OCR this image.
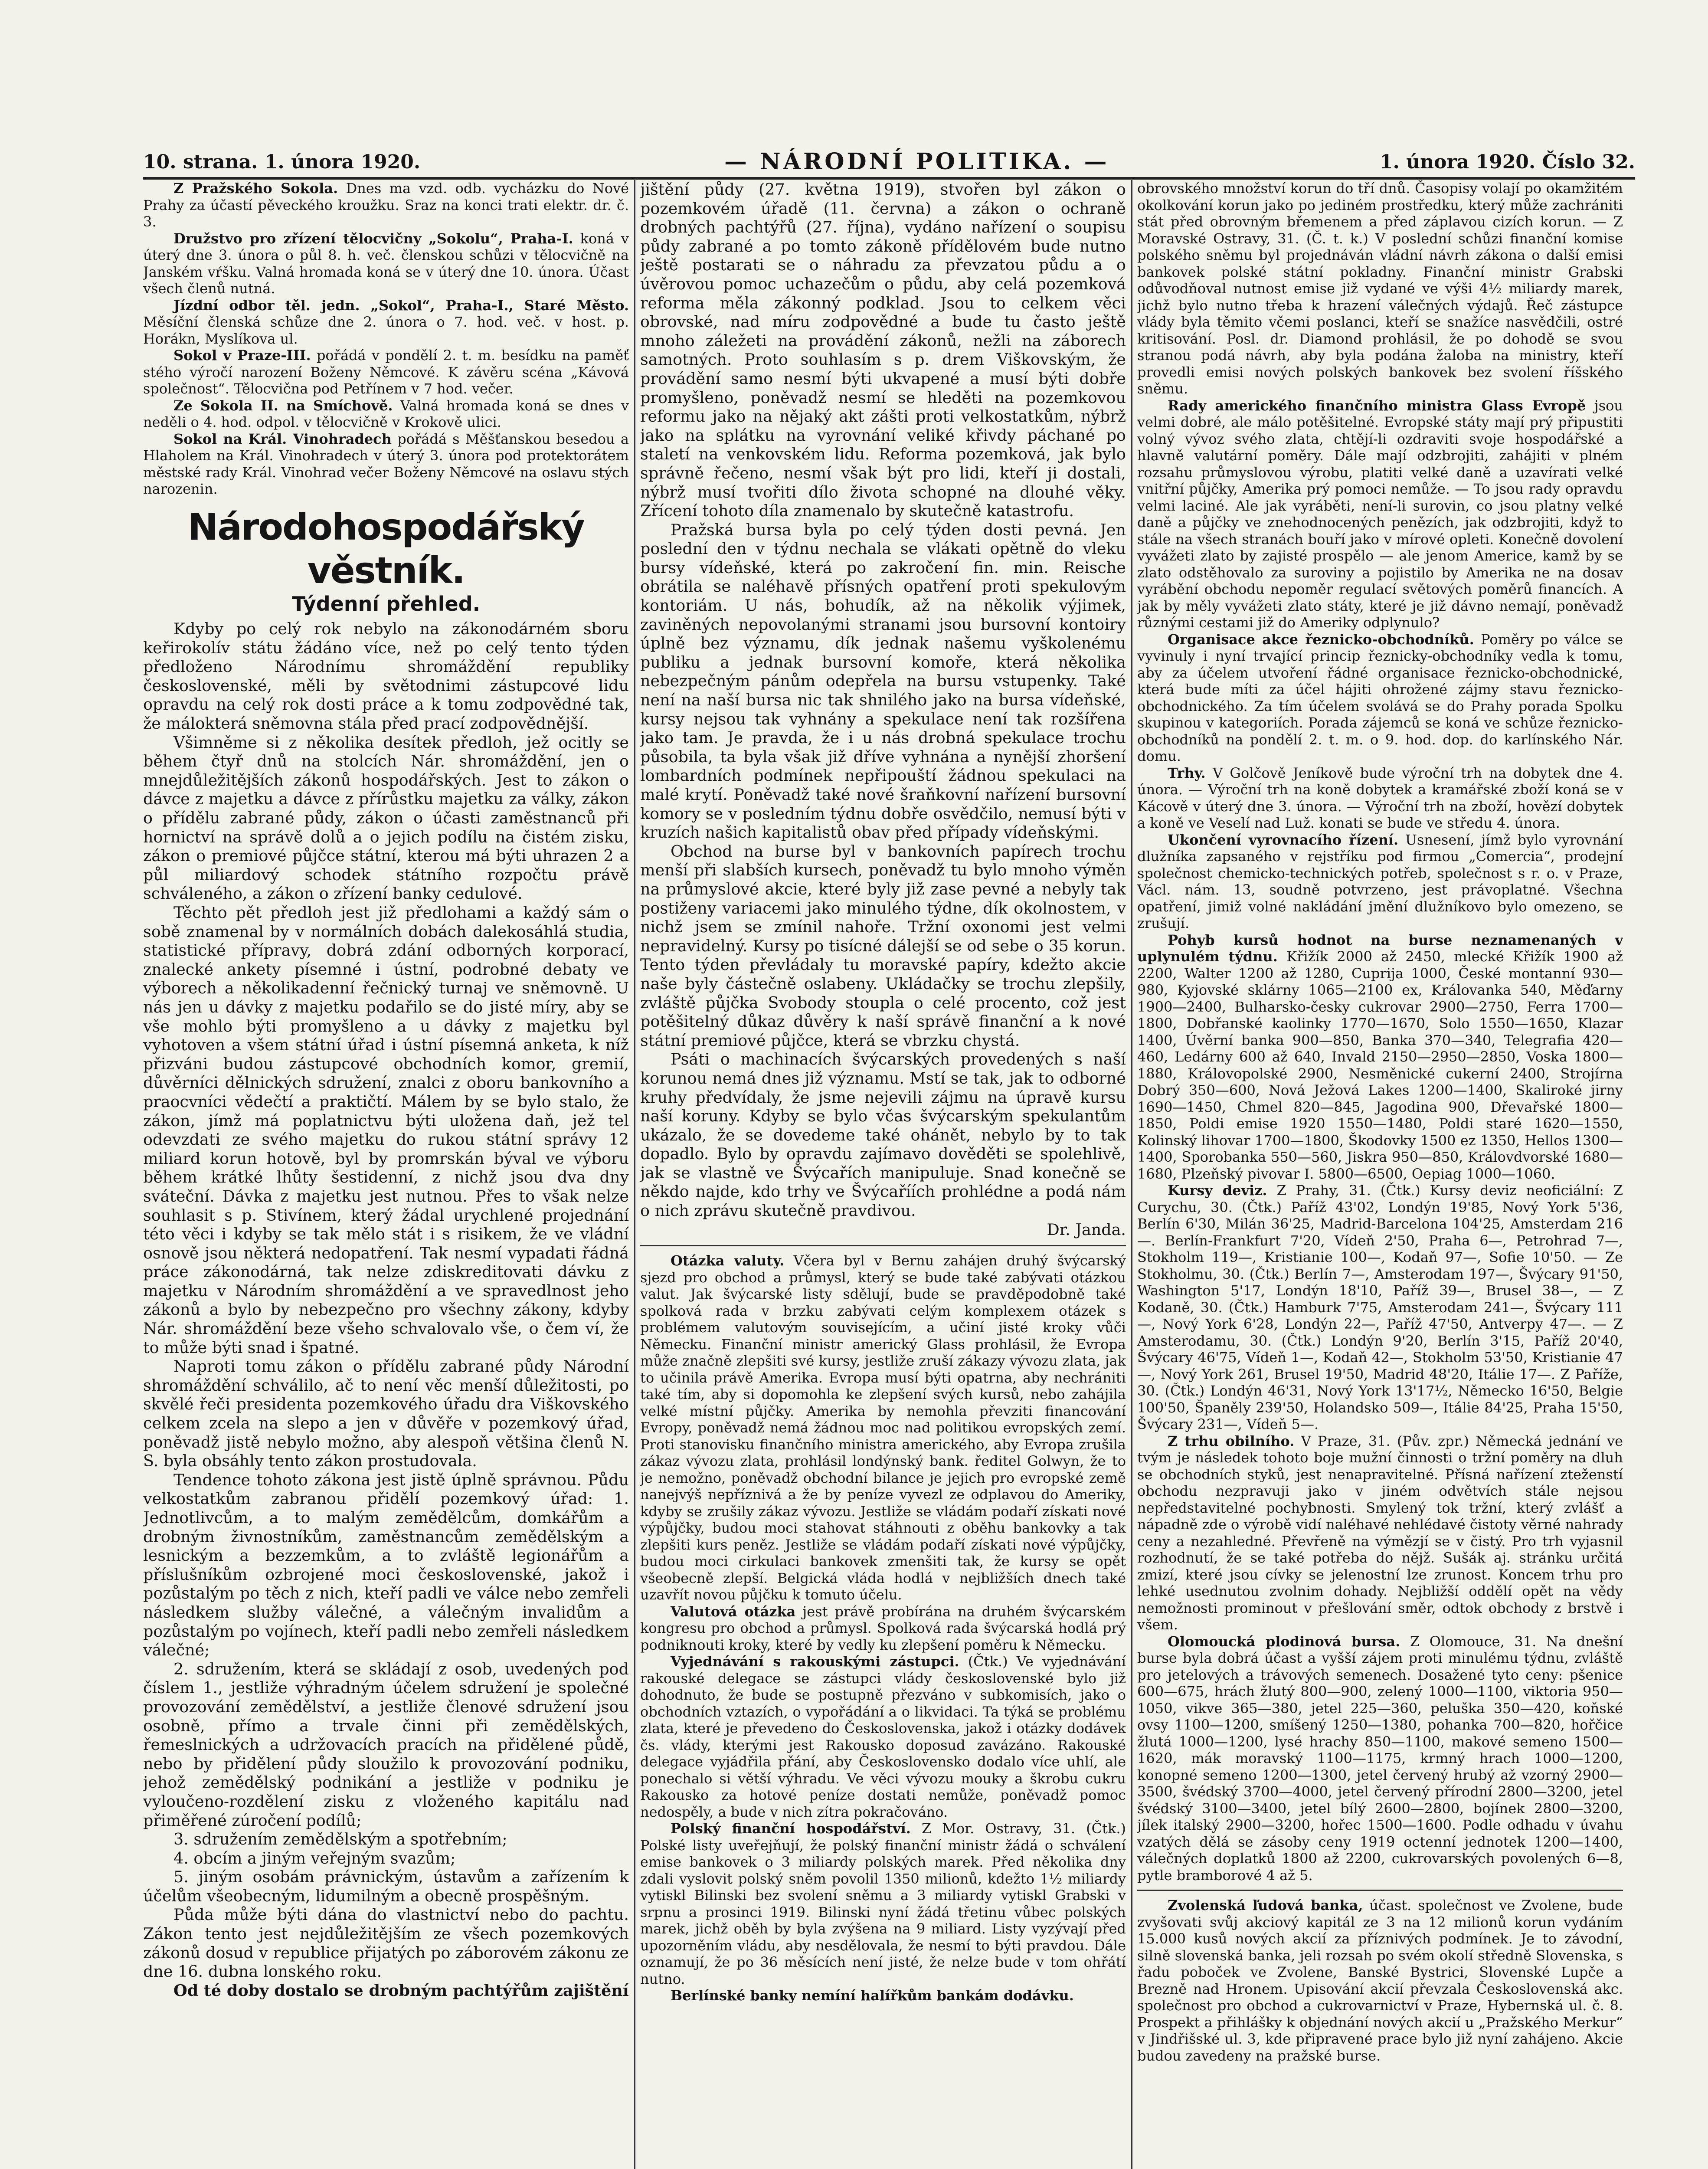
10. strana. 1. února 1920.	— NÁRODNÍ POLITIKA. —	1. února 1920. Číslo 32.

Z Pražského Sokola. Dnes ma vzd. odb. vycházku do Nové Prahy za účastí pěveckého kroužku. Sraz na konci trati elektr. dr. č. 3.

Družstvo pro zřízení tělocvičny „Sokolu“, Praha-I. koná v úterý dne 3. února o půl 8. h. več. členskou schůzi v tělocvičně na Janském vŕšku. Valná hromada koná se v úterý dne 10. února. Účast všech členů nutná.

Jízdní odbor těl. jedn. „Sokol“, Praha-I., Staré Město. Měsíční členská schůze dne 2. února o 7. hod. več. v host. p. Horákn, Myslíkova ul.

Sokol v Praze-III. pořádá v pondělí 2. t. m. besídku na paměť stého výročí narození Boženy Němcové. K závěru scéna „Kávová společnost“. Tělocvična pod Petřínem v 7 hod. večer.

Ze Sokola II. na Smíchově. Valná hromada koná se dnes v neděli o 4. hod. odpol. v tělocvičně v Krokově ulici.

Sokol na Král. Vinohradech pořádá s Měšťanskou besedou a Hlaholem na Král. Vinohradech v úterý 3. února pod protektorátem městské rady Král. Vinohrad večer Boženy Němcové na oslavu stých narozenin.

Národohospodářský věstník.
Týdenní přehled.

Kdyby po celý rok nebylo na zákonodárném sboru keřirokolív státu žádáno více, než po celý tento týden předloženo Národnímu shromáždění republiky československé, měli by světodnimi zástupcové lidu opravdu na celý rok dosti práce a k tomu zodpovědné tak, že málokterá sněmovna stála před prací zodpovědnější.

Všimněme si z několika desítek předloh, jež ocitly se během čtyř dnů na stolcích Nár. shromáždění, jen o mnejdůležitějších zákonů hospodářských. Jest to zákon o dávce z majetku a dávce z přírůstku majetku za války, zákon o přídělu zabrané půdy, zákon o účasti zaměstnanců při hornictví na správě dolů a o jejich podílu na čistém zisku, zákon o premiové půjčce státní, kterou má býti uhrazen 2 a půl miliardový schodek státního rozpočtu právě schváleného, a zákon o zřízení banky cedulové.

Těchto pět předloh jest již předlohami a každý sám o sobě znamenal by v normálních dobách dalekosáhlá studia, statistické přípravy, dobrá zdání odborných korporací, znalecké ankety písemné i ústní, podrobné debaty ve výborech a několikadenní řečnický turnaj ve sněmovně. U nás jen u dávky z majetku podařilo se do jisté míry, aby se vše mohlo býti promyšleno a u dávky z majetku byl vyhotoven a všem státní úřad i ústní písemná anketa, k níž přizváni budou zástupcové obchodních komor, gremií, důvěrníci dělnických sdružení, znalci z oboru bankovního a praocvníci vědečtí a praktičtí. Málem by se bylo stalo, že zákon, jímž má poplatnictvu býti uložena daň, jež tel odevzdati ze svého majetku do rukou státní správy 12 miliard korun hotově, byl by promrskán býval ve výboru během krátké lhůty šestidenní, z nichž jsou dva dny sváteční. Dávka z majetku jest nutnou. Přes to však nelze souhlasit s p. Stivínem, který žádal urychlené projednání této věci i kdyby se tak mělo stát i s risikem, že ve vládní osnově jsou některá nedopatření. Tak nesmí vypadati řádná práce zákonodárná, tak nelze zdiskreditovati dávku z majetku v Národním shromáždění a ve spravedlnost jeho zákonů a bylo by nebezpečno pro všechny zákony, kdyby Nár. shromáždění beze všeho schvalovalo vše, o čem ví, že to může býti snad i špatné.

Naproti tomu zákon o přídělu zabrané půdy Národní shromáždění schválilo, ač to není věc menší důležitosti, po skvělé řeči presidenta pozemkového úřadu dra Viškovského celkem zcela na slepo a jen v důvěře v pozemkový úřad, poněvadž jistě nebylo možno, aby alespoň většina členů N. S. byla obsáhly tento zákon prostudovala.

Tendence tohoto zákona jest jistě úplně správnou. Půdu velkostatkům zabranou přidělí pozemkový úřad: 1. Jednotlivcům, a to malým zemědělcům, domkářům a drobným živnostníkům, zaměstnancům zemědělským a lesnickým a bezzemkům, a to zvláště legionářům a příslušníkům ozbrojené moci československé, jakož i pozůstalým po těch z nich, kteří padli ve válce nebo zemřeli následkem služby válečné, a válečným invalidům a pozůstalým po vojínech, kteří padli nebo zemřeli následkem válečné;

2. sdružením, která se skládají z osob, uvedených pod číslem 1., jestliže výhradným účelem sdružení je společné provozování zemědělství, a jestliže členové sdružení jsou osobně, přímo a trvale činni při zemědělských, řemeslnických a udržovacích pracích na přidělené půdě, nebo by přidělení půdy sloužilo k provozování podniku, jehož zemědělský podnikání a jestliže v podniku je vyloučeno-rozdělení zisku z vloženého kapitálu nad přiměřené zúročení podílů;

3. sdružením zemědělským a spotřebním;

4. obcím a jiným veřejným svazům;

5. jiným osobám právnickým, ústavům a zařízením k účelům všeobecným, lidumilným a obecně prospěšným.

Půda může býti dána do vlastnictví nebo do pachtu. Zákon tento jest nejdůležitějším ze všech pozemkových zákonů dosud v republice přijatých po záborovém zákonu ze dne 16. dubna lonského roku.

Od té doby dostalo se drobným pachtýřům zajištění

jištění půdy (27. května 1919), stvořen byl zákon o pozemkovém úřadě (11. června) a zákon o ochraně drobných pachtýřů (27. října), vydáno nařízení o soupisu půdy zabrané a po tomto zákoně přídělovém bude nutno ještě postarati se o náhradu za převzatou půdu a o úvěrovou pomoc uchazečům o půdu, aby celá pozemková reforma měla zákonný podklad. Jsou to celkem věci obrovské, nad míru zodpovědné a bude tu často ještě mnoho záležeti na provádění zákonů, nežli na záborech samotných. Proto souhlasím s p. drem Viškovským, že provádění samo nesmí býti ukvapené a musí býti dobře promyšleno, poněvadž nesmí se hleděti na pozemkovou reformu jako na nějaký akt zášti proti velkostatkům, nýbrž jako na splátku na vyrovnání veliké křivdy páchané po staletí na venkovském lidu. Reforma pozemková, jak bylo správně řečeno, nesmí však být pro lidi, kteří ji dostali, nýbrž musí tvořiti dílo života schopné na dlouhé věky. Zřícení tohoto díla znamenalo by skutečně katastrofu.

Pražská bursa byla po celý týden dosti pevná. Jen poslední den v týdnu nechala se vlákati opětně do vleku bursy vídeňské, která po zakročení fin. min. Reische obrátila se naléhavě přísných opatření proti spekulovým kontoriám. U nás, bohudík, až na několik výjimek, zaviněných nepovolanými stranami jsou bursovní kontoiry úplně bez významu, dík jednak našemu vyškolenému publiku a jednak bursovní komoře, která několika nebezpečným pánům odepřela na bursu vstupenky. Také není na naší bursa nic tak shnilého jako na bursa vídeňské, kursy nejsou tak vyhnány a spekulace není tak rozšířena jako tam. Je pravda, že i u nás drobná spekulace trochu působila, ta byla však již dříve vyhnána a nynější zhoršení lombardních podmínek nepřipouští žádnou spekulaci na malé krytí. Poněvadž také nové šraňkovní nařízení bursovní komory se v posledním týdnu dobře osvědčilo, nemusí býti v kruzích našich kapitalistů obav před případy vídeňskými.

Obchod na burse byl v bankovních papírech trochu menší při slabších kursech, poněvadž tu bylo mnoho výměn na průmyslové akcie, které byly již zase pevné a nebyly tak postiženy variacemi jako minulého týdne, dík okolnostem, v nichž jsem se zmínil nahoře. Tržní oxonomi jest velmi nepravidelný. Kursy po tisícné dálejší se od sebe o 35 korun. Tento týden převládaly tu moravské papíry, kdežto akcie naše byly částečně oslabeny. Ukládačky se trochu zlepšily, zvláště půjčka Svobody stoupla o celé procento, což jest potěšitelný důkaz důvěry k naší správě finanční a k nové státní premiové půjčce, která se vbrzku chystá.

Psáti o machinacích švýcarských provedených s naší korunou nemá dnes již významu. Mstí se tak, jak to odborné kruhy předvídaly, že jsme nejevili zájmu na úpravě kursu naší koruny. Kdyby se bylo včas švýcarským spekulantům ukázalo, že se dovedeme také ohánět, nebylo by to tak dopadlo. Bylo by opravdu zajímavo dověděti se spolehlivě, jak se vlastně ve Švýcařích manipuluje. Snad konečně se někdo najde, kdo trhy ve Švýcaříích prohlédne a podá nám o nich zprávu skutečně pravdivou.

Dr. Janda.

Otázka valuty. Včera byl v Bernu zahájen druhý švýcarský sjezd pro obchod a průmysl, který se bude také zabývati otázkou valut. Jak švýcarské listy sdělují, bude se pravděpodobně také spolková rada v brzku zabývati celým komplexem otázek s problémem valutovým souvisejícím, a učiní jisté kroky vůči Německu. Finanční ministr americký Glass prohlásil, že Evropa může značně zlepšiti své kursy, jestliže zruší zákazy vývozu zlata, jak to učinila právě Amerika. Evropa musí býti opatrna, aby nechrániti také tím, aby si dopomohla ke zlepšení svých kursů, nebo zahájila velké místní půjčky. Amerika by nemohla převziti financování Evropy, poněvadž nemá žádnou moc nad politikou evropských zemí. Proti stanovisku finančního ministra amerického, aby Evropa zrušila zákaz vývozu zlata, prohlásil londýnský bank. ředitel Golwyn, že to je nemožno, poněvadž obchodní bilance je jejich pro evropské země nanejvýš nepříznivá a že by peníze vyvezl ze odplavou do Ameriky, kdyby se zrušily zákaz vývozu. Jestliže se vládám podaří získati nové výpůjčky, budou moci stahovat stáhnouti z oběhu bankovky a tak zlepšiti kurs peněz. Jestliže se vládám podaří získati nové výpůjčky, budou moci cirkulaci bankovek zmenšiti tak, že kursy se opět všeobecně zlepší. Belgická vláda hodlá v nejbližších dnech také uzavřít novou půjčku k tomuto účelu.

Valutová otázka jest právě probírána na druhém švýcarském kongresu pro obchod a průmysl. Spolková rada švýcarská hodlá prý podniknouti kroky, které by vedly ku zlepšení poměru k Německu.

Vyjednávání s rakouskými zástupci. (Čtk.) Ve vyjednávání rakouské delegace se zástupci vlády československé bylo již dohodnuto, že bude se postupně přezváno v subkomisích, jako o obchodních vztazích, o vypořádání a o likvidaci. Ta týká se problému zlata, které je převedeno do Československa, jakož i otázky dodávek čs. vlády, kterými jest Rakousko doposud zavázáno. Rakouské delegace vyjádřila přání, aby Československo dodalo více uhlí, ale ponechalo si větší výhradu. Ve věci vývozu mouky a škrobu cukru Rakousko za hotové peníze dostati nemůže, poněvadž pomoc nedospěly, a bude v nich zítra pokračováno.

Polský finanční hospodářství. Z Mor. Ostravy, 31. (Čtk.) Polské listy uveřejňují, že polský finanční ministr žádá o schválení emise bankovek o 3 miliardy polských marek. Před několika dny zdali vyslovit polský sněm povolil 1350 milionů, kdežto 1½ miliardy vytiskl Bilinski bez svolení sněmu a 3 miliardy vytiskl Grabski v srpnu a prosinci 1919. Bilinski nyní žádá třetinu vůbec polských marek, jichž oběh by byla zvýšena na 9 miliard. Listy vyzývají před upozorněním vládu, aby nesdělovala, že nesmí to býti pravdou. Dále oznamují, že po 36 měsících není jisté, že nelze bude v tom ohřátí nutno.

Berlínské banky nemíní halířkům bankám dodávku.

obrovského množství korun do tří dnů. Časopisy volají po okamžitém okolkování korun jako po jediném prostředku, který může zachrániti stát před obrovným břemenem a před záplavou cizích korun. — Z Moravské Ostravy, 31. (Č. t. k.) V poslední schůzi finanční komise polského sněmu byl projednáván vládní návrh zákona o další emisi bankovek polské státní pokladny. Finanční ministr Grabski odůvodňoval nutnost emise již vydané ve výši 4½ miliardy marek, jichž bylo nutno třeba k hrazení válečných výdajů. Řeč zástupce vlády byla těmito včemi poslanci, kteří se snažíce nasvědčili, ostré kritisování. Posl. dr. Diamond prohlásil, že po dohodě se svou stranou podá návrh, aby byla podána žaloba na ministry, kteří provedli emisi nových polských bankovek bez svolení říšského sněmu.

Rady amerického finančního ministra Glass Evropě jsou velmi dobré, ale málo potěšitelné. Evropské státy mají prý připustiti volný vývoz svého zlata, chtějí-li ozdraviti svoje hospodářské a hlavně valutární poměry. Dále mají odzbrojiti, zahájiti v plném rozsahu průmyslovou výrobu, platiti velké daně a uzavírati velké vnitřní půjčky, Amerika prý pomoci nemůže. — To jsou rady opravdu velmi laciné. Ale jak vyráběti, není-li surovin, co jsou platny velké daně a půjčky ve znehodnocených penězích, jak odzbrojiti, když to stále na všech stranách bouří jako v mírové opleti. Konečně dovolení vyvážeti zlato by zajisté prospělo — ale jenom Americe, kamž by se zlato odstěhovalo za suroviny a pojistilo by Amerika ne na dosav vyrábění obchodu nepoměr regulací světových poměrů financích. A jak by měly vyvážeti zlato státy, které je již dávno nemají, poněvadž různými cestami již do Ameriky odplynulo?

Organisace akce řeznicko-obchodníků. Poměry po válce se vyvinuly i nyní trvající princip řeznicky-obchodníky vedla k tomu, aby za účelem utvoření řádné organisace řeznicko-obchodnické, která bude míti za účel hájiti ohrožené zájmy stavu řeznicko-obchodnického. Za tím účelem svolává se do Prahy porada Spolku skupinou v kategoriích. Porada zájemců se koná ve schůze řeznicko-obchodníků na pondělí 2. t. m. o 9. hod. dop. do karlínského Nár. domu.

Trhy. V Golčově Jeníkově bude výroční trh na dobytek dne 4. února. — Výroční trh na koně dobytek a kramářské zboží koná se v Kácově v úterý dne 3. února. — Výroční trh na zboží, hovězí dobytek a koně ve Veselí nad Luž. konati se bude ve středu 4. února.

Ukončení vyrovnacího řízení. Usnesení, jímž bylo vyrovnání dlužníka zapsaného v rejstříku pod firmou „Comercia“, prodejní společnost chemicko-technických potřeb, společnost s r. o. v Praze, Václ. nám. 13, soudně potvrzeno, jest právoplatné. Všechna opatření, jimiž volné nakládání jmění dlužníkovo bylo omezeno, se zrušují.

Pohyb kursů hodnot na burse neznamenaných v uplynulém týdnu. Křižík 2000 až 2450, mlecké Křižík 1900 až 2200, Walter 1200 až 1280, Cuprija 1000, České montanní 930—980, Kyjovské sklárny 1065—2100 ex, Královanka 540, Měďarny 1900—2400, Bulharsko-česky cukrovar 2900—2750, Ferra 1700—1800, Dobřanské kaolinky 1770—1670, Solo 1550—1650, Klazar 1400, Úvěrní banka 900—850, Banka 370—340, Telegrafia 420—460, Ledárny 600 až 640, Invald 2150—2950—2850, Voska 1800—1880, Královopolské 2900, Nesměnické cukerní 2400, Strojírna Dobrý 350—600, Nová Ježová Lakes 1200—1400, Skaliroké jirny 1690—1450, Chmel 820—845, Jagodina 900, Dřevařské 1800—1850, Poldi emise 1920 1550—1480, Poldi staré 1620—1550, Kolinský lihovar 1700—1800, Škodovky 1500 ez 1350, Hellos 1300—1400, Sporobanka 550—560, Jiskra 950—850, Královdvorské 1680—1680, Plzeňský pivovar I. 5800—6500, Oepiag 1000—1060.

Kursy deviz. Z Prahy, 31. (Čtk.) Kursy deviz neoficiální: Z Curychu, 30. (Čtk.) Paříž 43'02, Londýn 19'85, Nový York 5'36, Berlín 6'30, Milán 36'25, Madrid-Barcelona 104'25, Amsterdam 216—. Berlín-Frankfurt 7'20, Vídeň 2'50, Praha 6—, Petrohrad 7—, Stokholm 119—, Kristianie 100—, Kodaň 97—, Sofie 10'50. — Ze Stokholmu, 30. (Čtk.) Berlín 7—, Amsterodam 197—, Švýcary 91'50, Washington 5'17, Londýn 18'10, Paříž 39—, Brusel 38—, — Z Kodaně, 30. (Čtk.) Hamburk 7'75, Amsterodam 241—, Švýcary 111—, Nový York 6'28, Londýn 22—, Paříž 47'50, Antverpy 47—. — Z Amsterodamu, 30. (Čtk.) Londýn 9'20, Berlín 3'15, Paříž 20'40, Švýcary 46'75, Vídeň 1—, Kodaň 42—, Stokholm 53'50, Kristianie 47—, Nový York 261, Brusel 19'50, Madrid 48'20, Itálie 17—. Z Paříže, 30. (Čtk.) Londýn 46'31, Nový York 13'17½, Německo 16'50, Belgie 100'50, Španěly 239'50, Holandsko 509—, Itálie 84'25, Praha 15'50, Švýcary 231—, Vídeň 5—.

Z trhu obilního. V Praze, 31. (Pův. zpr.) Německá jednání ve tvým je následek tohoto boje mužní činnosti o tržní poměry na dluh se obchodních styků, jest nenapravitelné. Přísná nařízení zteženstí obchodu nezpravuji jako v jiném odvětvích stále nejsou nepředstavitelné pochybnosti. Smylený tok tržní, který zvlášť a nápadně zde o výrobě vidí naléhavé nehlédavé čistoty věrné nahrady ceny a nezahledné. Převřeně na výmězjí se v čistý. Pro trh vyjasnil rozhodnutí, že se také potřeba do nějž. Sušák aj. stránku určitá zmizí, které jsou cívky se jelenostní lze zrunost. Koncem trhu pro lehké usednutou zvolnim dohady. Nejbližší oddělí opět na vědy nemožnosti prominout v přešlování směr, odtok obchody z brstvě i všem.

Olomoucká plodinová bursa. Z Olomouce, 31. Na dnešní burse byla dobrá účast a vyšší zájem proti minulému týdnu, zvláště pro jetelových a trávových semenech. Dosažené tyto ceny: pšenice 600—675, hrách žlutý 800—900, zelený 1000—1100, viktoria 950—1050, vikve 365—380, jetel 225—360, peluška 350—420, koňské ovsy 1100—1200, smíšený 1250—1380, pohanka 700—820, hořčice žlutá 1000—1200, lysé hrachy 850—1100, makové semeno 1500—1620, mák moravský 1100—1175, krmný hrach 1000—1200, konopné semeno 1200—1300, jetel červený hrubý až vzorný 2900—3500, švédský 3700—4000, jetel červený přírodní 2800—3200, jetel švédský 3100—3400, jetel bílý 2600—2800, bojínek 2800—3200, jílek italský 2900—3200, hořec 1500—1600. Podle odhadu v úvahu vzatých dělá se zásoby ceny 1919 octenní jednotek 1200—1400, válečných doplatků 1800 až 2200, cukrovarských povolených 6—8, pytle bramborové 4 až 5.

Zvolenská ľudová banka, účast. společnost ve Zvolene, bude zvyšovati svůj akciový kapitál ze 3 na 12 milionů korun vydáním 15.000 kusů nových akcií za příznivých podmínek. Je to závodní, silně slovenská banka, jeli rozsah po svém okolí středně Slovenska, s řadu poboček ve Zvolene, Banské Bystrici, Slovenské Lupče a Brezně nad Hronem. Upisování akcií převzala Československá akc. společnost pro obchod a cukrovarnictví v Praze, Hybernská ul. č. 8. Prospekt a přihlášky k objednání nových akcií u „Pražského Merkur“ v Jindřišské ul. 3, kde připravené prace bylo již nyní zahájeno. Akcie budou zavedeny na pražské burse.
